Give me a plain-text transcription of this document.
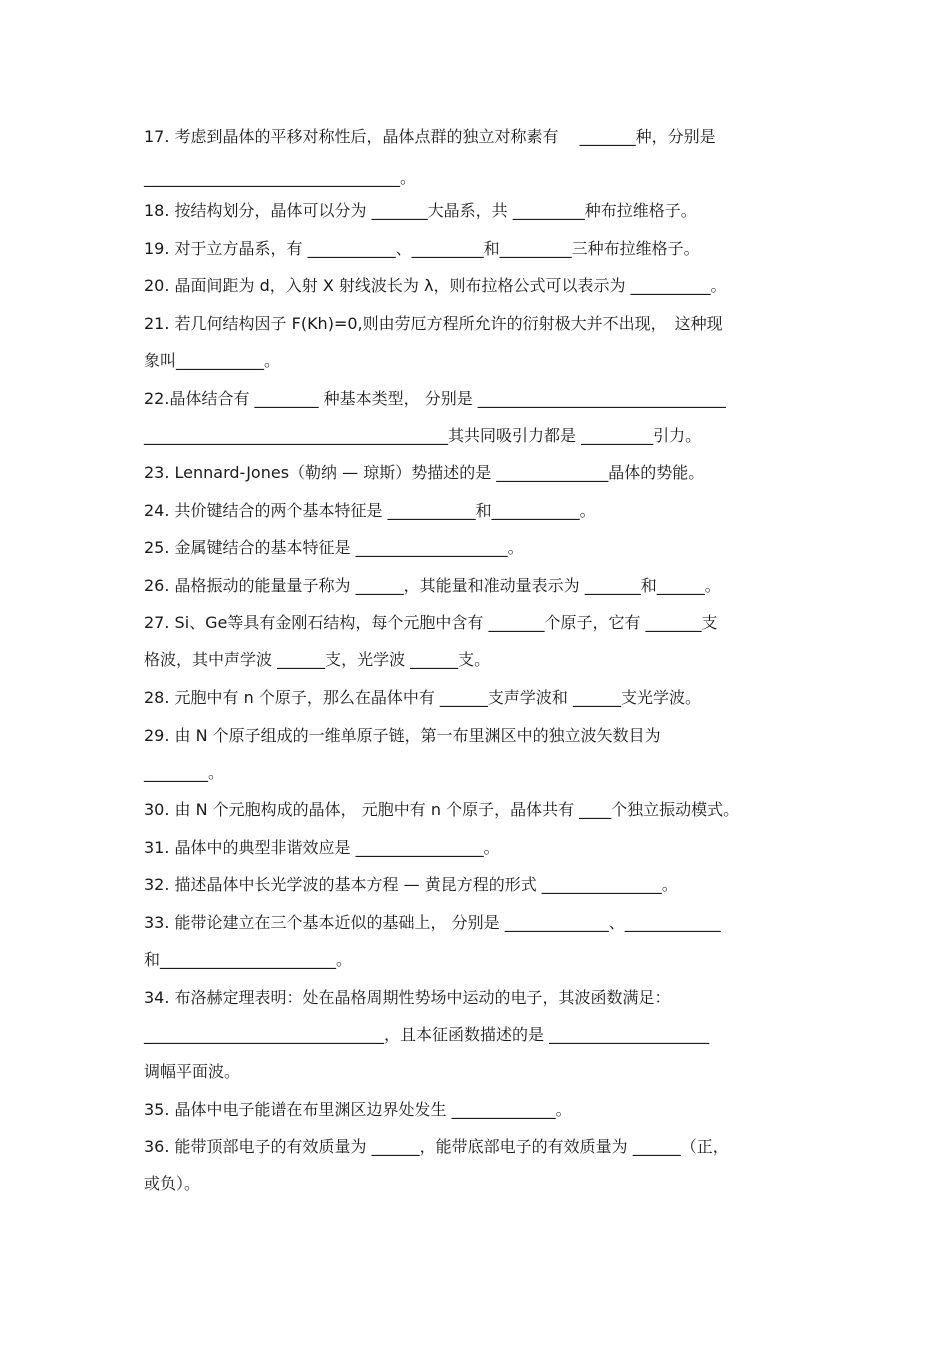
17. 考虑到晶体的平移对称性后，晶体点群的独立对称素有　 _______种，分别是
________________________________。
18. 按结构划分，晶体可以分为 _______大晶系，共 _________种布拉维格子。
19. 对于立方晶系，有 ___________、_________和_________三种布拉维格子。
20. 晶面间距为 d，入射 X 射线波长为 λ，则布拉格公式可以表示为 __________。
21. 若几何结构因子 F(Kh)=0,则由劳厄方程所允许的衍射极大并不出现，　这种现
象叫___________。
22.晶体结合有 ________ 种基本类型， 分别是 _______________________________
______________________________________其共同吸引力都是 _________引力。
23. Lennard-Jones（勒纳 — 琼斯）势描述的是 ______________晶体的势能。
24. 共价键结合的两个基本特征是 ___________和___________。
25. 金属键结合的基本特征是 ___________________。
26. 晶格振动的能量量子称为 ______，其能量和准动量表示为 _______和______。
27. Si、Ge等具有金刚石结构，每个元胞中含有 _______个原子，它有 _______支
格波，其中声学波 ______支，光学波 ______支。
28. 元胞中有 n 个原子，那么在晶体中有 ______支声学波和 ______支光学波。
29. 由 N 个原子组成的一维单原子链，第一布里渊区中的独立波矢数目为
________。
30. 由 N 个元胞构成的晶体， 元胞中有 n 个原子，晶体共有 ____个独立振动模式。
31. 晶体中的典型非谐效应是 ________________。
32. 描述晶体中长光学波的基本方程 — 黄昆方程的形式 _______________。
33. 能带论建立在三个基本近似的基础上， 分别是 _____________、____________
和______________________。
34. 布洛赫定理表明：处在晶格周期性势场中运动的电子，其波函数满足：
______________________________，且本征函数描述的是 ____________________
调幅平面波。
35. 晶体中电子能谱在布里渊区边界处发生 _____________。
36. 能带顶部电子的有效质量为 ______，能带底部电子的有效质量为 ______（正，
或负）。
